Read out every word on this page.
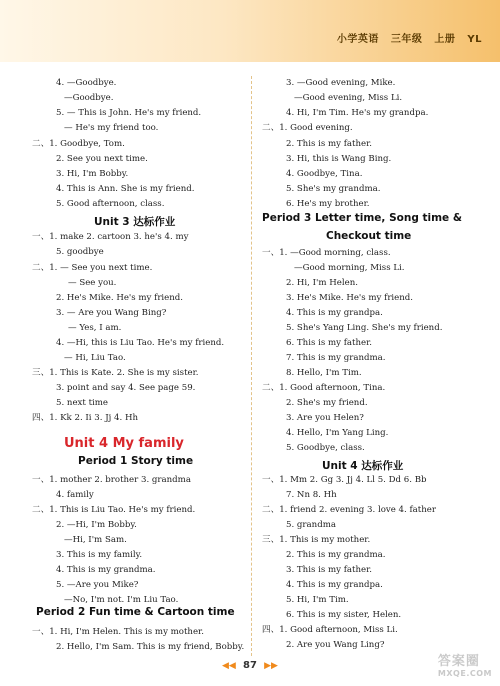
小学英语 三年级 上册 YL
4. —Goodbye.
—Goodbye.
5. — This is John. He's my friend.
— He's my friend too.
二、1. Goodbye, Tom.
2. See you next time.
3. Hi, I'm Bobby.
4. This is Ann. She is my friend.
5. Good afternoon, class.
一、1. make 2. cartoon 3. he's 4. my
5. goodbye
二、1. — See you next time.
— See you.
2. He's Mike. He's my friend.
3. — Are you Wang Bing?
— Yes, I am.
4. —Hi, this is Liu Tao. He's my friend.
— Hi, Liu Tao.
三、1. This is Kate. 2. She is my sister.
3. point and say 4. See page 59.
5. next time
四、1. Kk 2. Ii 3. Jj 4. Hh
一、1. mother 2. brother 3. grandma
4. family
二、1. This is Liu Tao. He's my friend.
2. —Hi, I'm Bobby.
—Hi, I'm Sam.
3. This is my family.
4. This is my grandma.
5. —Are you Mike?
—No, I'm not. I'm Liu Tao.
一、1. Hi, I'm Helen. This is my mother.
2. Hello, I'm Sam. This is my friend, Bobby.
Unit 3 达标作业
Unit 4 My family
Period 1 Story time
Period 2 Fun time & Cartoon time
3. —Good evening, Mike.
—Good evening, Miss Li.
4. Hi, I'm Tim. He's my grandpa.
二、1. Good evening.
2. This is my father.
3. Hi, this is Wang Bing.
4. Goodbye, Tina.
5. She's my grandma.
6. He's my brother.
一、1. —Good morning, class.
—Good morning, Miss Li.
2. Hi, I'm Helen.
3. He's Mike. He's my friend.
4. This is my grandpa.
5. She's Yang Ling. She's my friend.
6. This is my father.
7. This is my grandma.
8. Hello, I'm Tim.
二、1. Good afternoon, Tina.
2. She's my friend.
3. Are you Helen?
4. Hello, I'm Yang Ling.
5. Goodbye, class.
一、1. Mm 2. Gg 3. Jj 4. Ll 5. Dd 6. Bb
7. Nn 8. Hh
二、1. friend 2. evening 3. love 4. father
5. grandma
三、1. This is my mother.
2. This is my grandma.
3. This is my father.
4. This is my grandpa.
5. Hi, I'm Tim.
6. This is my sister, Helen.
四、1. Good afternoon, Miss Li.
2. Are you Wang Ling?
Period 3 Letter time, Song time &
Checkout time
Unit 4 达标作业
◀◀ 87 ▶▶	答案圈
MXQE.COM
